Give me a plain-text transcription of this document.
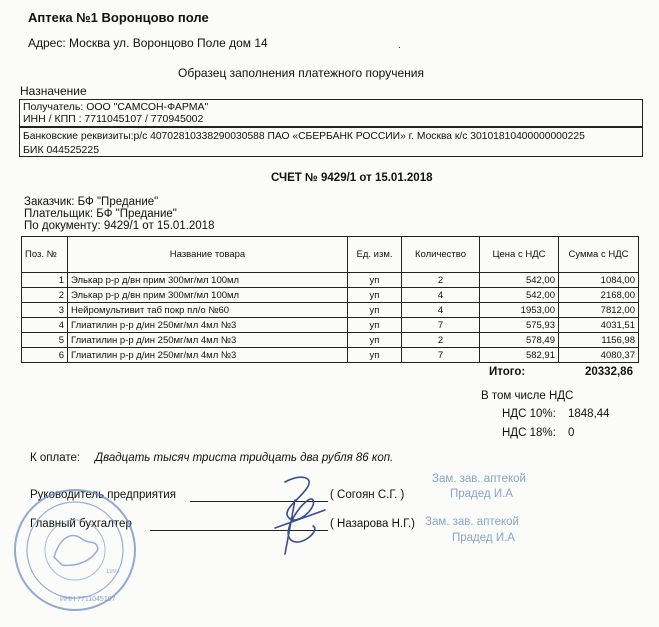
Аптека №1 Воронцово поле
Адрес: Москва ул. Воронцово Поле дом 14	.
Образец заполнения платежного поручения
Назначение
Получатель: ООО "САМСОН-ФАРМА"
ИНН / КПП : 7711045107 / 770945002
Банковские реквизиты:р/с 40702810338290030588 ПАО «СБЕРБАНК РОССИИ» г. Москва к/с 30101810400000000225
БИК 044525225
СЧЕТ № 9429/1 от 15.01.2018
Заказчик: БФ "Предание"
Плательщик: БФ "Предание"
По документу: 9429/1 от 15.01.2018
Поз. №	Название товара	Ед. изм.	Количество	Цена с НДС	Сумма с НДС
1	Элькар р-р д/вн прим 300мг/мл 100мл	уп	2	542,00	1084,00
2	Элькар р-р д/вн прим 300мг/мл 100мл	уп	4	542,00	2168,00
3	Нейромультивит таб покр пл/о №60	уп	4	1953,00	7812,00
4	Глиатилин р-р д/ин 250мг/мл 4мл №3	уп	7	575,93	4031,51
5	Глиатилин р-р д/ин 250мг/мл 4мл №3	уп	2	578,49	1156,98
6	Глиатилин р-р д/ин 250мг/мл 4мл №3	уп	7	582,91	4080,37
Итого:	20332,86
В том числе НДС
НДС 10%: 1848,44
НДС 18%: 0
К оплате: Двадцать тысяч триста тридцать два рубля 86 коп.
Руководитель предприятия	( Согоян С.Г. )
Главный бухгалтер	( Назарова Н.Г.)
Зам. зав. аптекой
Прадед И.А
Зам. зав. аптекой
Прадед И.А
ИНН 7711045107
1993
